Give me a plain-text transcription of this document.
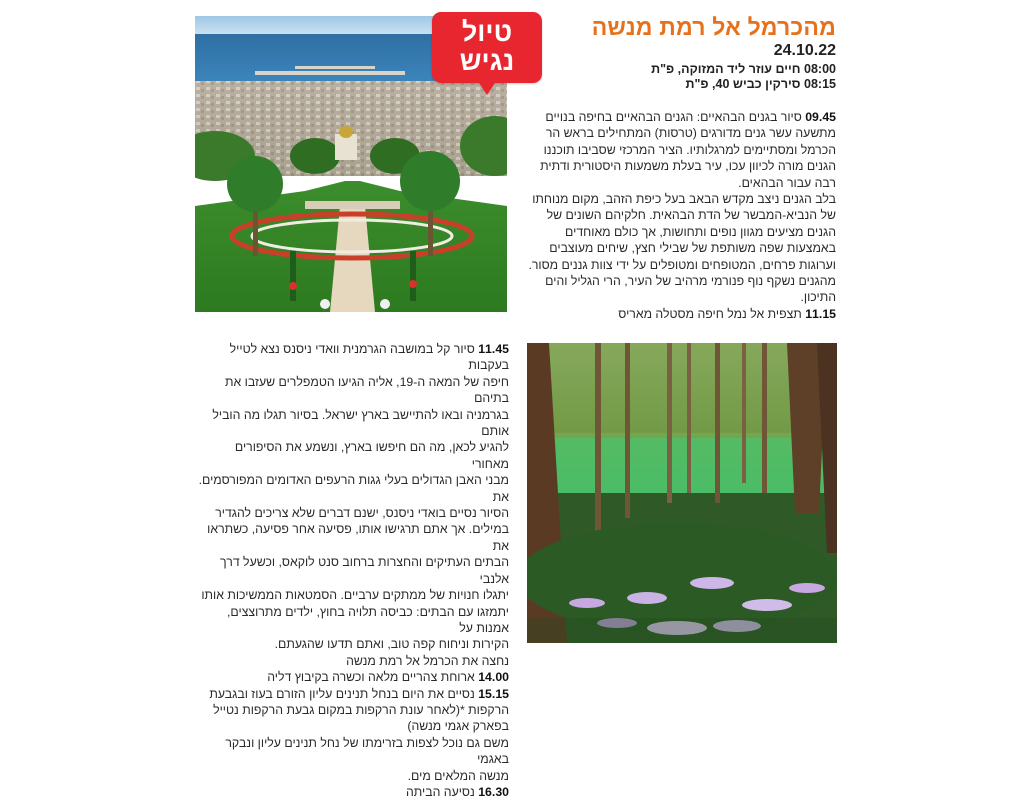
טיול
נגיש
מהכרמל אל רמת מנשה
24.10.22
08:00 חיים עוזר ליד המזוקה, פ"ת
08:15 סירקין כביש 40, פ"ת
09.45 סיור בגנים הבהאיים: הגנים הבהאיים בחיפה בנויים
מתשעה עשר גנים מדורגים (טרסות) המתחילים בראש הר
הכרמל ומסתיימים למרגלותיו. הציר המרכזי שסביבו תוכננו
הגנים מורה לכיוון עכו, עיר בעלת משמעות היסטורית ודתית
רבה עבור הבהאים.
בלב הגנים ניצב מקדש הבאב בעל כיפת הזהב, מקום מנוחתו
של הנביא-המבשר של הדת הבהאית. חלקיהם השונים של
הגנים מציעים מגוון נופים ותחושות, אך כולם מאוחדים
באמצעות שפה משותפת של שבילי חצץ, שיחים מעוצבים
וערוגות פרחים, המטופחים ומטופלים על ידי צוות גננים מסור.
מהגנים נשקף נוף פנורמי מרהיב של העיר, הרי הגליל והים
התיכון.
11.15 תצפית אל נמל חיפה מסטלה מאריס
11.45 סיור קל במושבה הגרמנית וואדי ניסנס נצא לטייל בעקבות
חיפה של המאה ה-19, אליה הגיעו הטמפלרים שעזבו את בתיהם
בגרמניה ובאו להתיישב בארץ ישראל. בסיור תגלו מה הוביל אותם
להגיע לכאן, מה הם חיפשו בארץ, ונשמע את הסיפורים מאחורי
מבני האבן הגדולים בעלי גגות הרעפים האדומים המפורסמים. את
הסיור נסיים בואדי ניסנס, ישנם דברים שלא צריכים להגדיר
במילים. אך אתם תרגישו אותו, פסיעה אחר פסיעה, כשתראו את
הבתים העתיקים והחצרות ברחוב סנט לוקאס, וכשעל דרך אלנבי
יתגלו חנויות של ממתקים ערביים. הסמטאות הממשיכות אותו
יתמזגו עם הבתים: כביסה תלויה בחוץ, ילדים מתרוצצים, אמנות על
הקירות וניחוח קפה טוב, ואתם תדעו שהגעתם.
נחצה את הכרמל אל רמת מנשה
14.00 ארוחת צהריים מלאה וכשרה בקיבוץ דליה
15.15 נסיים את היום בנחל תנינים עליון הזורם בעוז ובגבעת
הרקפות *(לאחר עונת הרקפות במקום גבעת הרקפות נטייל
בפארק אגמי מנשה)
משם גם נוכל לצפות בזרימתו של נחל תנינים עליון ונבקר באגמי
מנשה המלאים מים.
16.30 נסיעה הביתה
